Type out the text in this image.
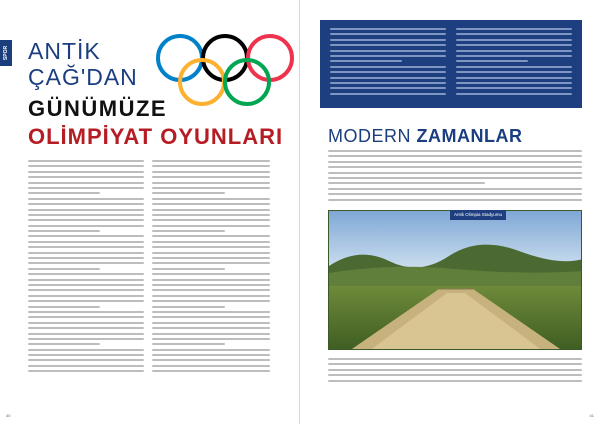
SPOR ANTİK
ÇAĞ'DAN
GÜNÜMÜZE
OLİMPİYAT OYUNLARI
40
MODERN ZAMANLAR
Antik Olimpia Stadyumu
41
